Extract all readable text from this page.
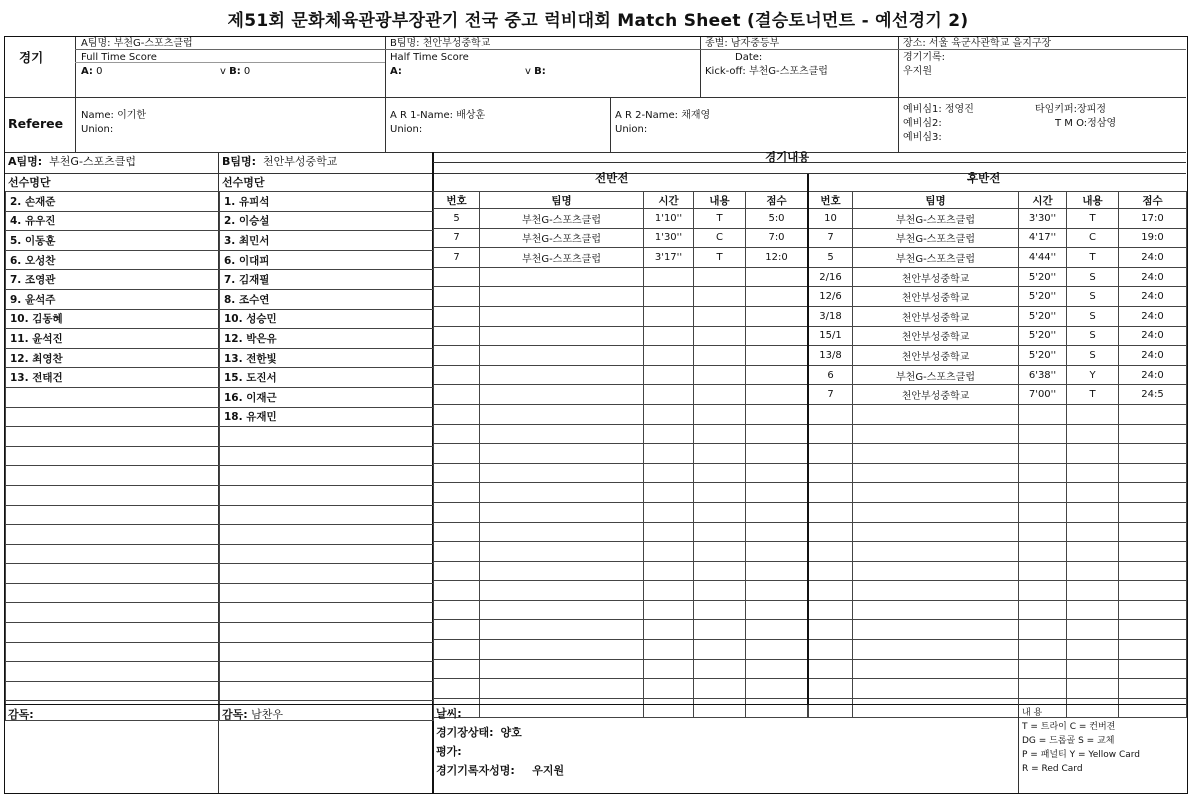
제51회 문화체육관광부장관기 전국 중고 럭비대회 Match Sheet (결승토너먼트 - 예선경기 2)
경기
A팀명: 부천G-스포츠클럽	B팀명: 천안부성중학교	종별: 남자중등부	장소: 서울 육군사관학교 을지구장
Full Time Score
A: 0	v B: 0
Half Time Score
A:	v B:
Date:
Kick-off: 부천G-스포츠클럽
경기기록:
우지원
Referee
Name: 이기한
Union:
A R 1-Name: 배상훈
Union:
A R 2-Name: 채재영
Union:
예비심1: 정영진
예비심2:
예비심3:
타임키퍼:장피정
T M O:정삼영
A팀명: 부천G-스포츠클럽	B팀명: 천안부성중학교
선수명단	선수명단
2. 손재준	1. 유피석
4. 유우진	2. 이승설
5. 이동훈	3. 최민서
6. 오성찬	6. 이대피
7. 조영관	7. 김재필
9. 윤석주	8. 조수연
10. 김동혜	10. 성승민
11. 윤석진	12. 박은유
12. 최영찬	13. 전한빛
13. 전태건	15. 도진서
	16. 이재근
	18. 유재민

경기내용
전반전	후반전
번호	팀명	시간	내용	점수
5	부천G-스포츠클럽	1'10''	T	5:0
7	부천G-스포츠클럽	1'30''	C	7:0
7	부천G-스포츠클럽	3'17''	T	12:0

번호	팀명	시간	내용	점수
10	부천G-스포츠클럽	3'30''	T	17:0
7	부천G-스포츠클럽	4'17''	C	19:0
5	부천G-스포츠클럽	4'44''	T	24:0
2/16	천안부성중학교	5'20''	S	24:0
12/6	천안부성중학교	5'20''	S	24:0
3/18	천안부성중학교	5'20''	S	24:0
15/1	천안부성중학교	5'20''	S	24:0
13/8	천안부성중학교	5'20''	S	24:0
6	부천G-스포츠클럽	6'38''	Y	24:0
7	천안부성중학교	7'00''	T	24:5

감독:	감독: 남찬우	날씨:
경기장상태: 양호
평가:
경기기록자성명: 우지원
내 용
T = 트라이 C = 컨버젼
DG = 드롭골 S = 교체
P = 패널티 Y = Yellow Card
R = Red Card
